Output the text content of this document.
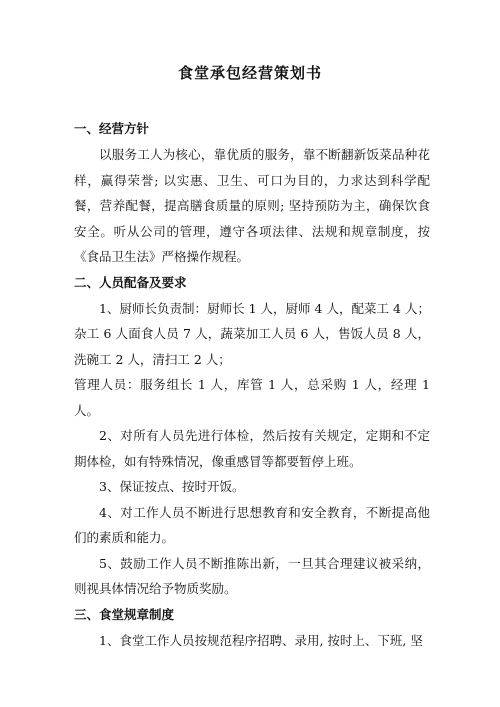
食堂承包经营策划书

一、经营方针

以服务工人为核心，靠优质的服务，靠不断翻新饭菜品种花样，赢得荣誉; 以实惠、卫生、可口为目的，力求达到科学配餐，营养配餐，提高膳食质量的原则; 坚持预防为主，确保饮食安全。听从公司的管理，遵守各项法律、法规和规章制度，按《食品卫生法》严格操作规程。

二、人员配备及要求

1、厨师长负责制：厨师长 1 人，厨师 4 人，配菜工 4 人；杂工 6 人面食人员 7 人，蔬菜加工人员 6 人，售饭人员 8 人，洗碗工 2 人，清扫工 2 人；

管理人员：服务组长 1 人，库管 1 人，总采购 1 人，经理 1 人。

2、对所有人员先进行体检，然后按有关规定，定期和不定期体检，如有特殊情况，像重感冒等都要暂停上班。

3、保证按点、按时开饭。

4、对工作人员不断进行思想教育和安全教育，不断提高他们的素质和能力。

5、鼓励工作人员不断推陈出新，一旦其合理建议被采纳，则视具体情况给予物质奖励。

三、食堂规章制度

1、食堂工作人员按规范程序招聘、录用, 按时上、下班, 坚
